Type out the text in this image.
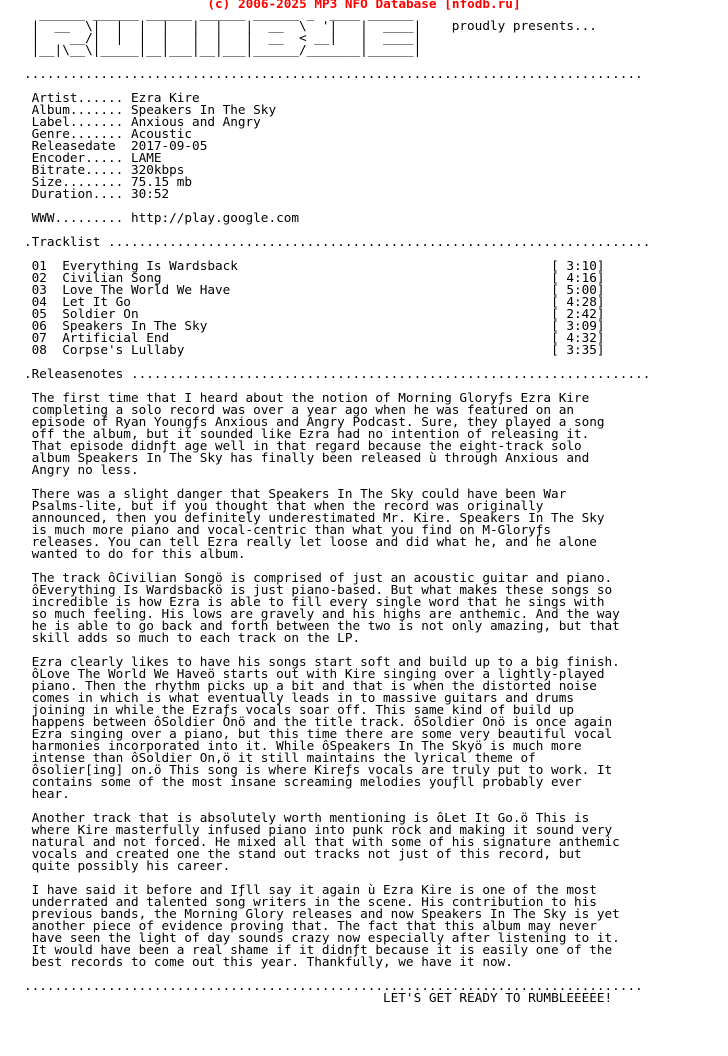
(c) 2006-2025 MP3 NFO Database [nfodb.ru]

______ ______ ______ ______ ______ _  ____ ______
|  __  \|  |  |  |   |  |   |  __  \  '|   |  ____| proudly presents...
|    __/|  |  |  |   |  |   |  __  < __|   |  ____|
|__|\__\|_____|__|___|__|___|______/_______|______|

.................................................................................

Artist...... Ezra Kire
Album....... Speakers In The Sky
Label....... Anxious and Angry
Genre....... Acoustic
Releasedate  2017-09-05
Encoder..... LAME
Bitrate..... 320kbps
Size........ 75.15 mb
Duration.... 30:52

WWW......... http://play.google.com

.Tracklist .......................................................................

01 Everything Is Wardsback	[ 3:10]
02 Civilian Song	[ 4:16]
03 Love The World We Have	[ 5:00]
04 Let It Go	[ 4:28]
05 Soldier On	[ 2:42]
06 Speakers In The Sky	[ 3:09]
07 Artificial End	[ 4:32]
08 Corpse's Lullaby	[ 3:35]

.Releasenotes ....................................................................

The first time that I heard about the notion of Morning Gloryƒs Ezra Kire
completing a solo record was over a year ago when he was featured on an
episode of Ryan Youngƒs Anxious and Angry Podcast. Sure, they played a song
off the album, but it sounded like Ezra had no intention of releasing it.
That episode didnƒt age well in that regard because the eight-track solo
album Speakers In The Sky has finally been released ù through Anxious and
Angry no less.

There was a slight danger that Speakers In The Sky could have been War
Psalms-lite, but if you thought that when the record was originally
announced, then you definitely underestimated Mr. Kire. Speakers In The Sky
is much more piano and vocal-centric than what you find on M-Gloryƒs
releases. You can tell Ezra really let loose and did what he, and he alone
wanted to do for this album.

The track ôCivilian Songö is comprised of just an acoustic guitar and piano.
ôEverything Is Wardsbackö is just piano-based. But what makes these songs so
incredible is how Ezra is able to fill every single word that he sings with
so much feeling. His lows are gravely and his highs are anthemic. And the way
he is able to go back and forth between the two is not only amazing, but that
skill adds so much to each track on the LP.

Ezra clearly likes to have his songs start soft and build up to a big finish.
ôLove The World We Haveö starts out with Kire singing over a lightly-played
piano. Then the rhythm picks up a bit and that is when the distorted noise
comes in which is what eventually leads in to massive guitars and drums
joining in while the Ezraƒs vocals soar off. This same kind of build up
happens between ôSoldier Onö and the title track. ôSoldier Onö is once again
Ezra singing over a piano, but this time there are some very beautiful vocal
harmonies incorporated into it. While ôSpeakers In The Skyö is much more
intense than ôSoldier On,ö it still maintains the lyrical theme of
ôsolier[ing] on.ö This song is where Kireƒs vocals are truly put to work. It
contains some of the most insane screaming melodies youƒll probably ever
hear.

Another track that is absolutely worth mentioning is ôLet It Go.ö This is
where Kire masterfully infused piano into punk rock and making it sound very
natural and not forced. He mixed all that with some of his signature anthemic
vocals and created one the stand out tracks not just of this record, but
quite possibly his career.

I have said it before and Iƒll say it again ù Ezra Kire is one of the most
underrated and talented song writers in the scene. His contribution to his
previous bands, the Morning Glory releases and now Speakers In The Sky is yet
another piece of evidence proving that. The fact that this album may never
have seen the light of day sounds crazy now especially after listening to it.
It would have been a real shame if it didnƒt because it is easily one of the
best records to come out this year. Thankfully, we have it now.

.................................................................................
LET'S GET READY TO RUMBLEEEEE!
